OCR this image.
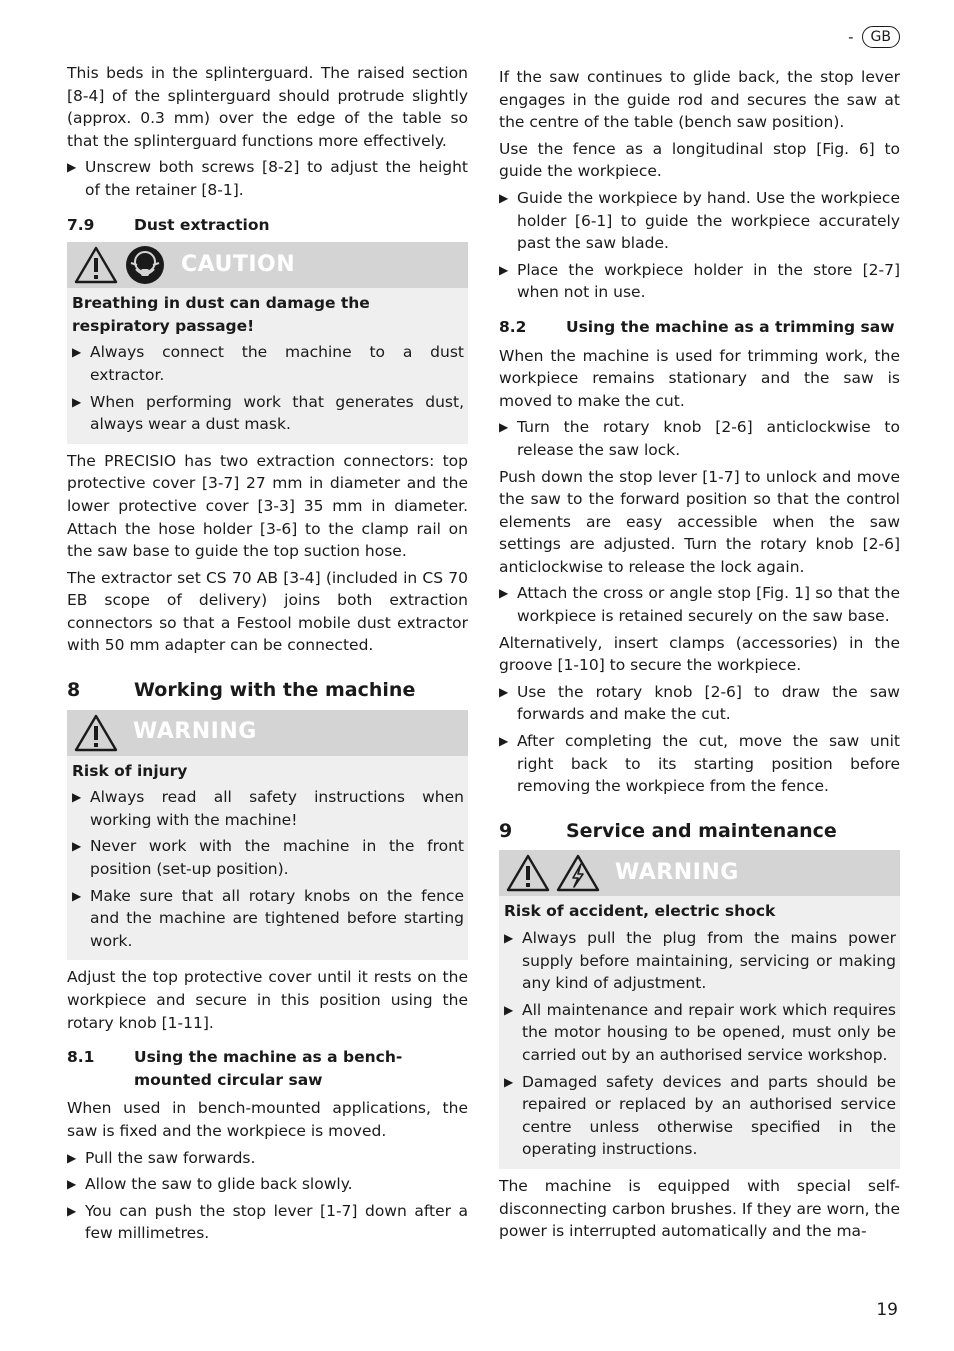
-	GB

This beds in the splinterguard. The raised section [8-4] of the splinterguard should protrude slightly (approx. 0.3 mm) over the edge of the table so that the splinterguard functions more effectively.

▶ Unscrew both screws [8-2] to adjust the height of the retainer [8-1].
7.9	Dust extraction
CAUTION

Breathing in dust can damage the respiratory passage!

▶ Always connect the machine to a dust extractor.
▶ When performing work that generates dust, always wear a dust mask.

The PRECISIO has two extraction connectors: top protective cover [3-7] 27 mm in diameter and the lower protective cover [3-3] 35 mm in diameter. Attach the hose holder [3-6] to the clamp rail on the saw base to guide the top suction hose.

The extractor set CS 70 AB [3-4] (included in CS 70 EB scope of delivery) joins both extraction connectors so that a Festool mobile dust extractor with 50 mm adapter can be connected.

8	Working with the machine
WARNING

Risk of injury

▶ Always read all safety instructions when working with the machine!
▶ Never work with the machine in the front position (set-up position).
▶ Make sure that all rotary knobs on the fence and the machine are tightened before starting work.

Adjust the top protective cover until it rests on the workpiece and secure in this position using the rotary knob [1-11].

8.1	Using the machine as a bench-mounted circular saw

When used in bench-mounted applications, the saw is fixed and the workpiece is moved.

▶ Pull the saw forwards.
▶ Allow the saw to glide back slowly.
▶ You can push the stop lever [1-7] down after a few millimetres.

If the saw continues to glide back, the stop lever engages in the guide rod and secures the saw at the centre of the table (bench saw position).

Use the fence as a longitudinal stop [Fig. 6] to guide the workpiece.

▶ Guide the workpiece by hand. Use the workpiece holder [6-1] to guide the workpiece accurately past the saw blade.
▶ Place the workpiece holder in the store [2-7] when not in use.
8.2	Using the machine as a trimming saw

When the machine is used for trimming work, the workpiece remains stationary and the saw is moved to make the cut.

▶ Turn the rotary knob [2-6] anticlockwise to release the saw lock.

Push down the stop lever [1-7] to unlock and move the saw to the forward position so that the control elements are easy accessible when the saw settings are adjusted. Turn the rotary knob [2-6] anticlockwise to release the lock again.

▶ Attach the cross or angle stop [Fig. 1] so that the workpiece is retained securely on the saw base.

Alternatively, insert clamps (accessories) in the groove [1-10] to secure the workpiece.

▶ Use the rotary knob [2-6] to draw the saw forwards and make the cut.
▶ After completing the cut, move the saw unit right back to its starting position before removing the workpiece from the fence.
9	Service and maintenance
WARNING

Risk of accident, electric shock

▶ Always pull the plug from the mains power supply before maintaining, servicing or making any kind of adjustment.
▶ All maintenance and repair work which requires the motor housing to be opened, must only be carried out by an authorised service workshop.
▶ Damaged safety devices and parts should be repaired or replaced by an authorised service centre unless otherwise specified in the operating instructions.

The machine is equipped with special self-disconnecting carbon brushes. If they are worn, the power is interrupted automatically and the ma-

19
